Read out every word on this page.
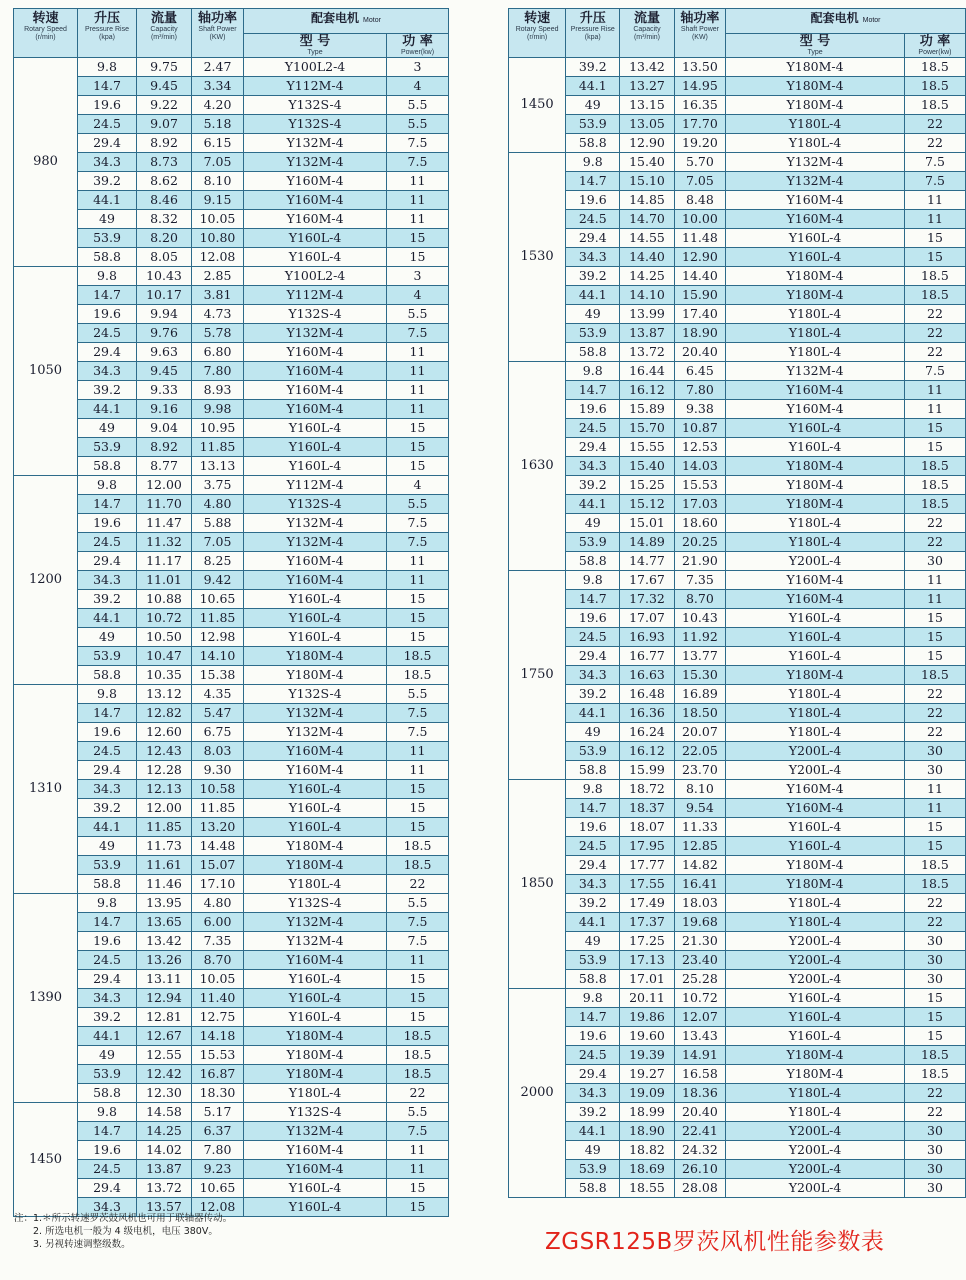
转速
Rotary Speed (r/min)	升压
Pressure Rise (kpa)	流量
Capacity (m³/min)	轴功率
Shaft Power (KW)	配套电机 Motor	

				型 号
Type	功 率
Power(kw)

980	9.8	9.75	2.47	Y100L2-4	3
	14.7	9.45	3.34	Y112M-4	4
	19.6	9.22	4.20	Y132S-4	5.5
	24.5	9.07	5.18	Y132S-4	5.5
	29.4	8.92	6.15	Y132M-4	7.5
	34.3	8.73	7.05	Y132M-4	7.5
	39.2	8.62	8.10	Y160M-4	11
	44.1	8.46	9.15	Y160M-4	11
	49	8.32	10.05	Y160M-4	11
	53.9	8.20	10.80	Y160L-4	15
	58.8	8.05	12.08	Y160L-4	15
1050	9.8	10.43	2.85	Y100L2-4	3
	14.7	10.17	3.81	Y112M-4	4
	19.6	9.94	4.73	Y132S-4	5.5
	24.5	9.76	5.78	Y132M-4	7.5
	29.4	9.63	6.80	Y160M-4	11
	34.3	9.45	7.80	Y160M-4	11
	39.2	9.33	8.93	Y160M-4	11
	44.1	9.16	9.98	Y160M-4	11
	49	9.04	10.95	Y160L-4	15
	53.9	8.92	11.85	Y160L-4	15
	58.8	8.77	13.13	Y160L-4	15
1200	9.8	12.00	3.75	Y112M-4	4
	14.7	11.70	4.80	Y132S-4	5.5
	19.6	11.47	5.88	Y132M-4	7.5
	24.5	11.32	7.05	Y132M-4	7.5
	29.4	11.17	8.25	Y160M-4	11
	34.3	11.01	9.42	Y160M-4	11
	39.2	10.88	10.65	Y160L-4	15
	44.1	10.72	11.85	Y160L-4	15
	49	10.50	12.98	Y160L-4	15
	53.9	10.47	14.10	Y180M-4	18.5
	58.8	10.35	15.38	Y180M-4	18.5
1310	9.8	13.12	4.35	Y132S-4	5.5
	14.7	12.82	5.47	Y132M-4	7.5
	19.6	12.60	6.75	Y132M-4	7.5
	24.5	12.43	8.03	Y160M-4	11
	29.4	12.28	9.30	Y160M-4	11
	34.3	12.13	10.58	Y160L-4	15
	39.2	12.00	11.85	Y160L-4	15
	44.1	11.85	13.20	Y160L-4	15
	49	11.73	14.48	Y180M-4	18.5
	53.9	11.61	15.07	Y180M-4	18.5
	58.8	11.46	17.10	Y180L-4	22
1390	9.8	13.95	4.80	Y132S-4	5.5
	14.7	13.65	6.00	Y132M-4	7.5
	19.6	13.42	7.35	Y132M-4	7.5
	24.5	13.26	8.70	Y160M-4	11
	29.4	13.11	10.05	Y160L-4	15
	34.3	12.94	11.40	Y160L-4	15
	39.2	12.81	12.75	Y160L-4	15
	44.1	12.67	14.18	Y180M-4	18.5
	49	12.55	15.53	Y180M-4	18.5
	53.9	12.42	16.87	Y180M-4	18.5
	58.8	12.30	18.30	Y180L-4	22
1450	9.8	14.58	5.17	Y132S-4	5.5
	14.7	14.25	6.37	Y132M-4	7.5
	19.6	14.02	7.80	Y160M-4	11
	24.5	13.87	9.23	Y160M-4	11
	29.4	13.72	10.65	Y160L-4	15
	34.3	13.57	12.08	Y160L-4	15
转速
Rotary Speed (r/min)	升压
Pressure Rise (kpa)	流量
Capacity (m³/min)	轴功率
Shaft Power (KW)	配套电机 Motor	

				型 号
Type	功 率
Power(kw)

1450	39.2	13.42	13.50	Y180M-4	18.5
	44.1	13.27	14.95	Y180M-4	18.5
	49	13.15	16.35	Y180M-4	18.5
	53.9	13.05	17.70	Y180L-4	22
	58.8	12.90	19.20	Y180L-4	22
1530	9.8	15.40	5.70	Y132M-4	7.5
	14.7	15.10	7.05	Y132M-4	7.5
	19.6	14.85	8.48	Y160M-4	11
	24.5	14.70	10.00	Y160M-4	11
	29.4	14.55	11.48	Y160L-4	15
	34.3	14.40	12.90	Y160L-4	15
	39.2	14.25	14.40	Y180M-4	18.5
	44.1	14.10	15.90	Y180M-4	18.5
	49	13.99	17.40	Y180L-4	22
	53.9	13.87	18.90	Y180L-4	22
	58.8	13.72	20.40	Y180L-4	22
1630	9.8	16.44	6.45	Y132M-4	7.5
	14.7	16.12	7.80	Y160M-4	11
	19.6	15.89	9.38	Y160M-4	11
	24.5	15.70	10.87	Y160L-4	15
	29.4	15.55	12.53	Y160L-4	15
	34.3	15.40	14.03	Y180M-4	18.5
	39.2	15.25	15.53	Y180M-4	18.5
	44.1	15.12	17.03	Y180M-4	18.5
	49	15.01	18.60	Y180L-4	22
	53.9	14.89	20.25	Y180L-4	22
	58.8	14.77	21.90	Y200L-4	30
1750	9.8	17.67	7.35	Y160M-4	11
	14.7	17.32	8.70	Y160M-4	11
	19.6	17.07	10.43	Y160L-4	15
	24.5	16.93	11.92	Y160L-4	15
	29.4	16.77	13.77	Y160L-4	15
	34.3	16.63	15.30	Y180M-4	18.5
	39.2	16.48	16.89	Y180L-4	22
	44.1	16.36	18.50	Y180L-4	22
	49	16.24	20.07	Y180L-4	22
	53.9	16.12	22.05	Y200L-4	30
	58.8	15.99	23.70	Y200L-4	30
1850	9.8	18.72	8.10	Y160M-4	11
	14.7	18.37	9.54	Y160M-4	11
	19.6	18.07	11.33	Y160L-4	15
	24.5	17.95	12.85	Y160L-4	15
	29.4	17.77	14.82	Y180M-4	18.5
	34.3	17.55	16.41	Y180M-4	18.5
	39.2	17.49	18.03	Y180L-4	22
	44.1	17.37	19.68	Y180L-4	22
	49	17.25	21.30	Y200L-4	30
	53.9	17.13	23.40	Y200L-4	30
	58.8	17.01	25.28	Y200L-4	30
2000	9.8	20.11	10.72	Y160L-4	15
	14.7	19.86	12.07	Y160L-4	15
	19.6	19.60	13.43	Y160L-4	15
	24.5	19.39	14.91	Y180M-4	18.5
	29.4	19.27	16.58	Y180M-4	18.5
	34.3	19.09	18.36	Y180L-4	22
	39.2	18.99	20.40	Y180L-4	22
	44.1	18.90	22.41	Y200L-4	30
	49	18.82	24.32	Y200L-4	30
	53.9	18.69	26.10	Y200L-4	30
	58.8	18.55	28.08	Y200L-4	30
注：1.＊所示转速罗茨鼓风机也可用于联轴器传动。
2. 所选电机一般为 4 级电机，电压 380V。
3. 另视转速调整级数。	ZGSR125B罗茨风机性能参数表
